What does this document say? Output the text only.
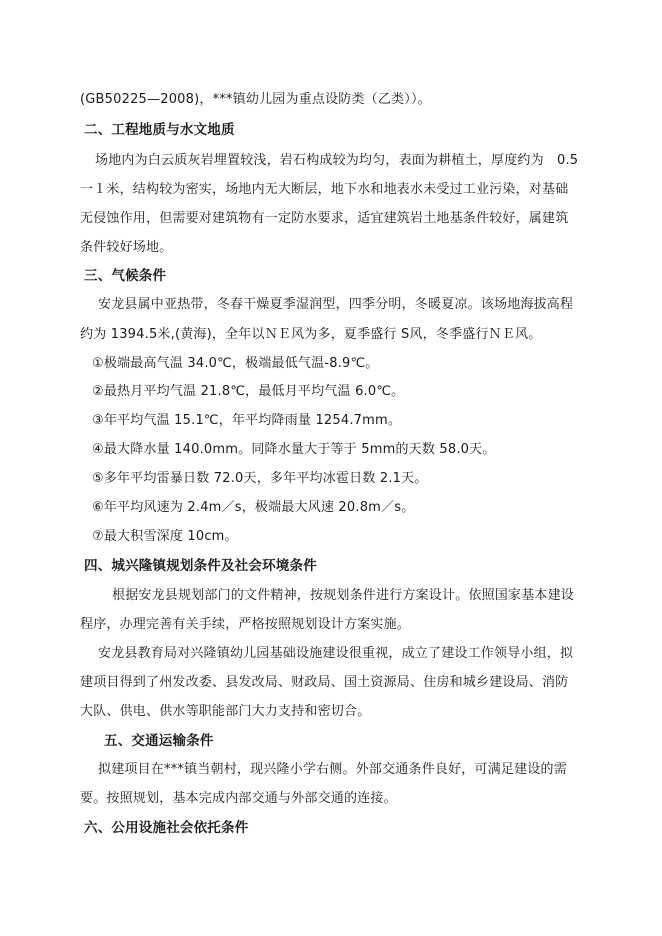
(GB50225—2008)，***镇幼儿园为重点设防类（乙类））。
二、工程地质与水文地质
场地内为白云质灰岩埋置较浅，岩石构成较为均匀，表面为耕植土，厚度约为　0.5
一１米，结构较为密实，场地内无大断层，地下水和地表水未受过工业污染，对基础
无侵蚀作用，但需要对建筑物有一定防水要求，适宜建筑岩土地基条件较好，属建筑
条件较好场地。
三、气候条件
安龙县属中亚热带，冬春干燥夏季湿润型，四季分明，冬暖夏凉。该场地海拔高程
约为 1394.5米,(黄海)，全年以ＮＥ风为多，夏季盛行 S风，冬季盛行ＮＥ风。
①极端最高气温 34.0℃，极端最低气温-8.9℃。
②最热月平均气温 21.8℃，最低月平均气温 6.0℃。
③年平均气温 15.1℃，年平均降雨量 1254.7mm。
④最大降水量 140.0mm。同降水量大于等于 5mm的天数 58.0天。
⑤多年平均雷暴日数 72.0天，多年平均冰雹日数 2.1天。
⑥年平均风速为 2.4m／s，极端最大风速 20.8m／s。
⑦最大积雪深度 10cm。
四、城兴隆镇规划条件及社会环境条件
根据安龙县规划部门的文件精神，按规划条件进行方案设计。依照国家基本建设
程序，办理完善有关手续，严格按照规划设计方案实施。
安龙县教育局对兴隆镇幼儿园基础设施建设很重视，成立了建设工作领导小组，拟
建项目得到了州发改委、县发改局、财政局、国土资源局、住房和城乡建设局、消防
大队、供电、供水等职能部门大力支持和密切合。
五、交通运输条件
拟建项目在***镇当朝村，现兴隆小学右侧。外部交通条件良好，可满足建设的需
要。按照规划，基本完成内部交通与外部交通的连接。
六、公用设施社会依托条件
